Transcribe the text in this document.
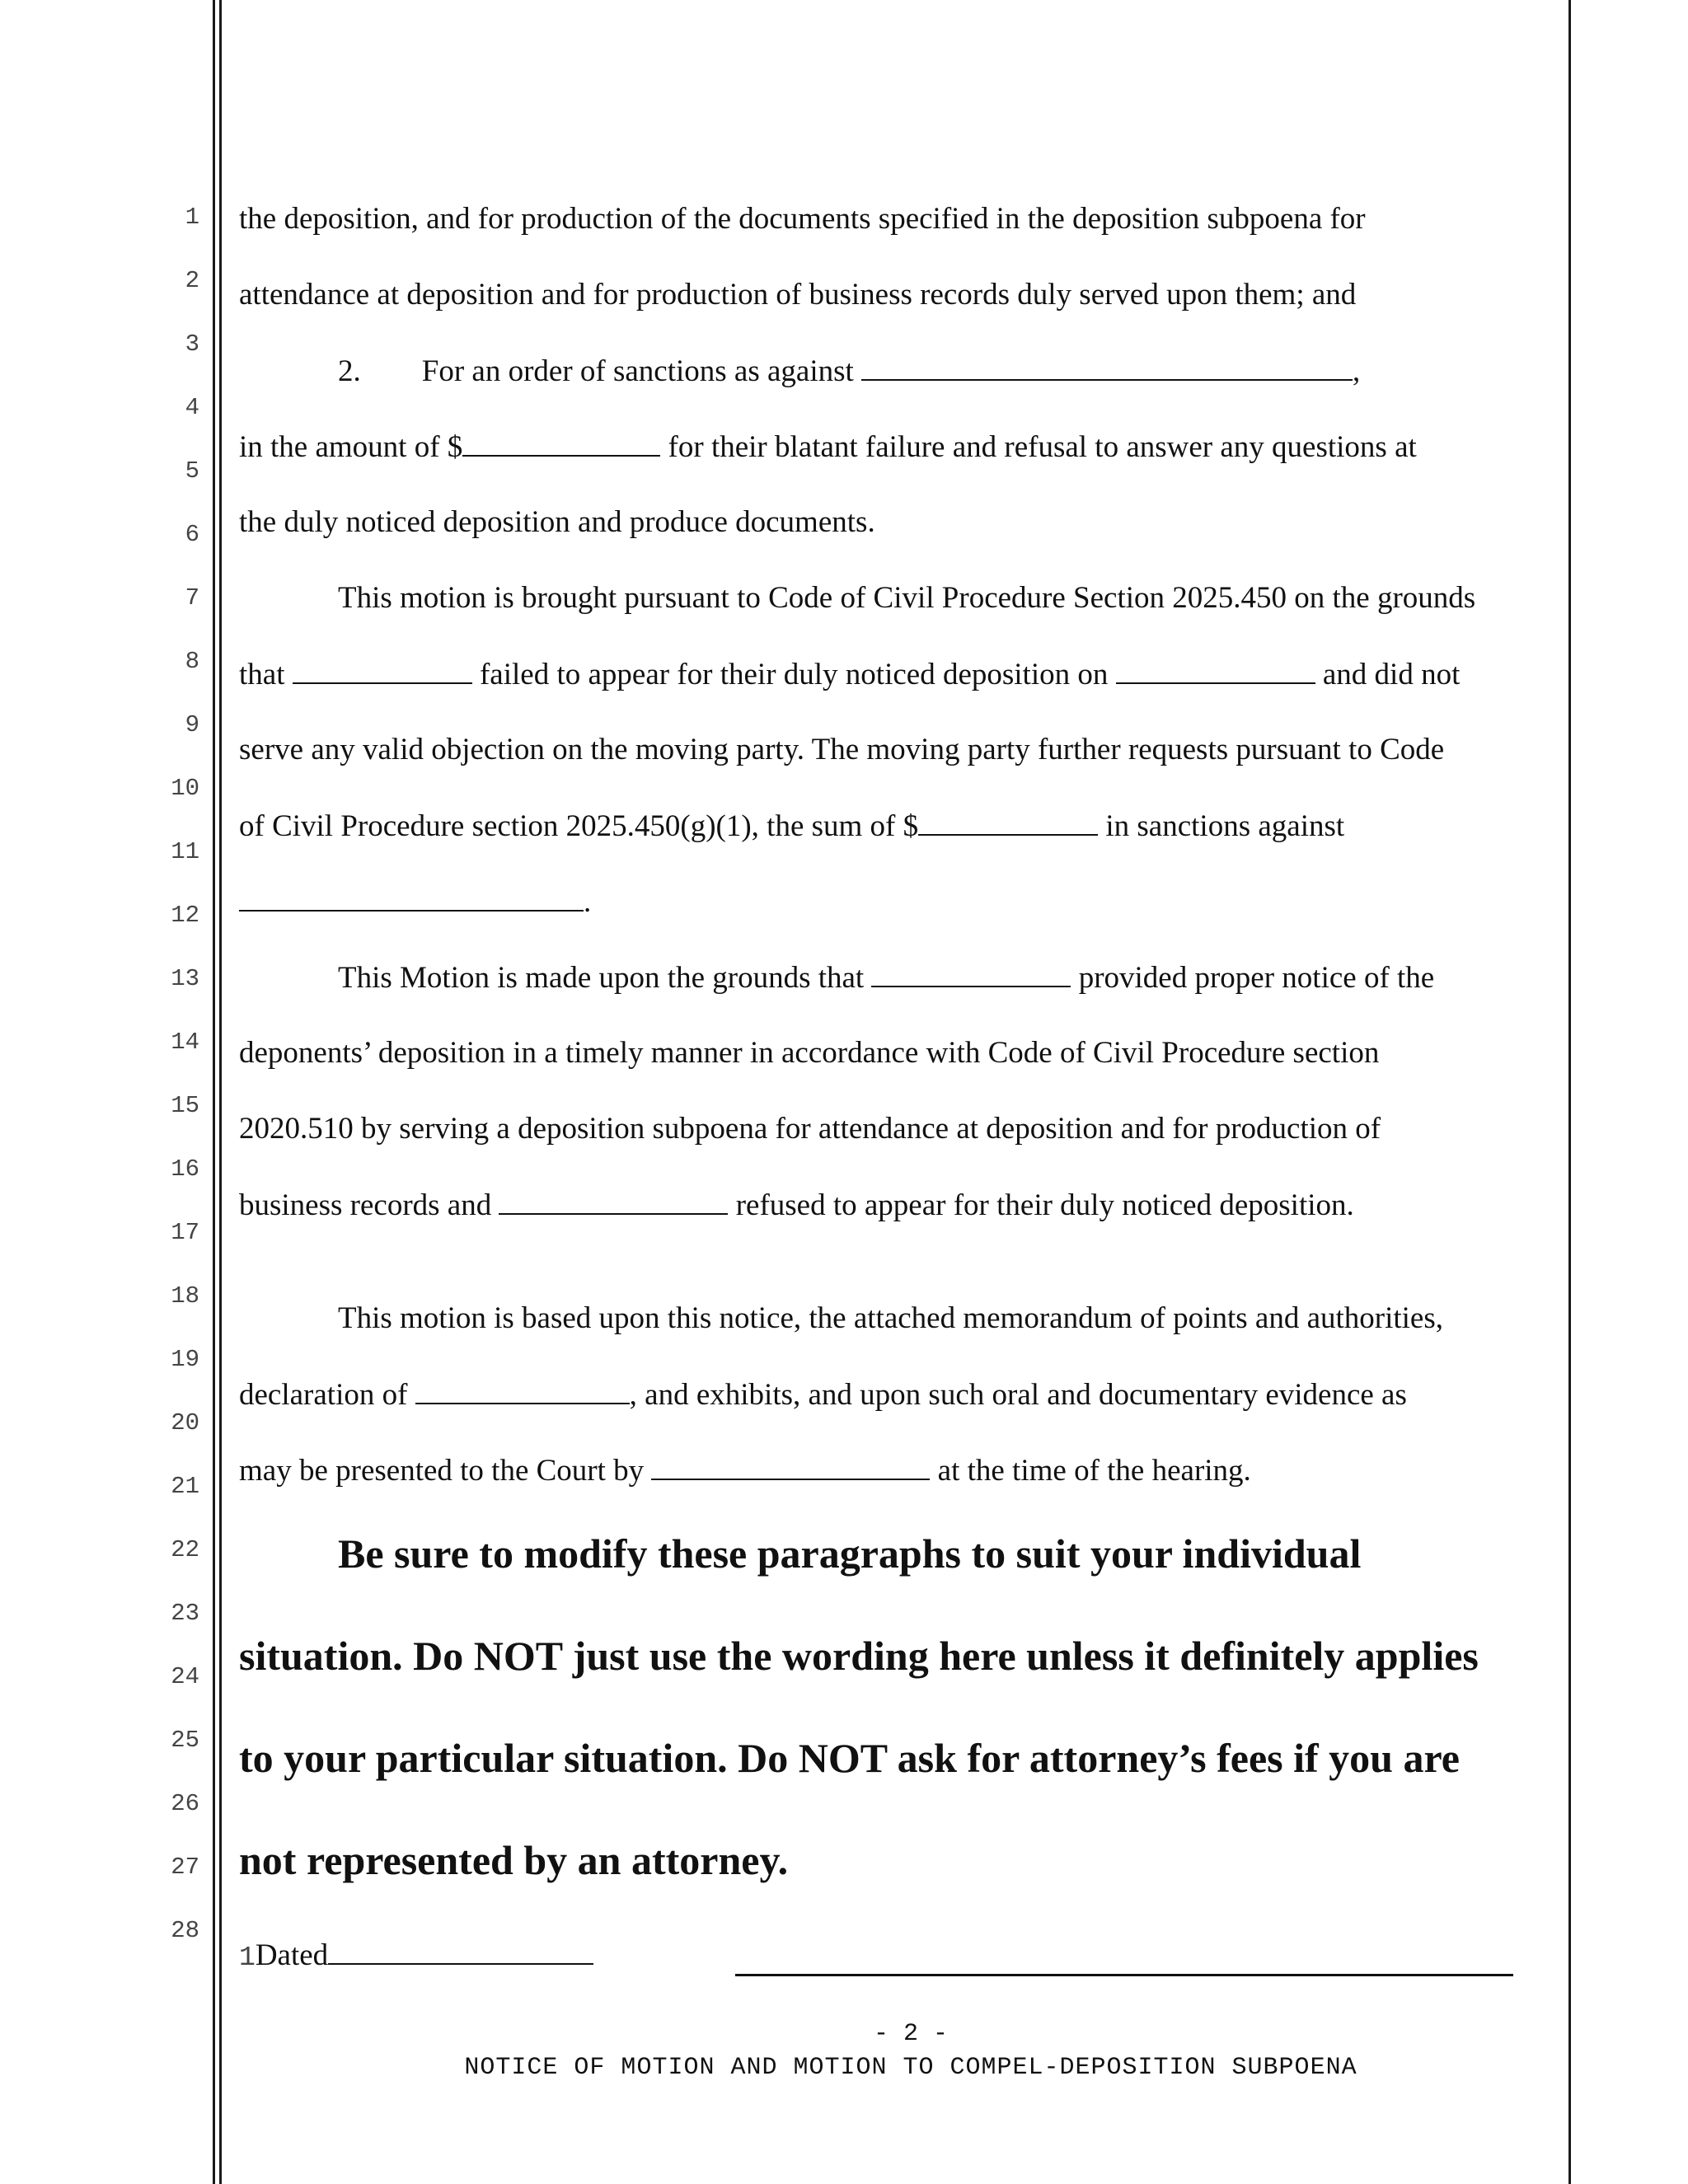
1
2
3
4
5
6
7
8
9
10
11
12
13
14
15
16
17
18
19
20
21
22
23
24
25
26
27
28
the deposition, and for production of the documents specified in the deposition subpoena for
attendance at deposition and for production of business records duly served upon them; and
2. For an order of sanctions as against	,
in the amount of $	for their blatant failure and refusal to answer any questions at
the duly noticed deposition and produce documents.
This motion is brought pursuant to Code of Civil Procedure Section 2025.450 on the grounds
that	failed to appear for their duly noticed deposition on	and did not
serve any valid objection on the moving party. The moving party further requests pursuant to Code
of Civil Procedure section 2025.450(g)(1), the sum of $	in sanctions against
.
This Motion is made upon the grounds that	provided proper notice of the
deponents’ deposition in a timely manner in accordance with Code of Civil Procedure section
2020.510 by serving a deposition subpoena for attendance at deposition and for production of
business records and	refused to appear for their duly noticed deposition.
This motion is based upon this notice, the attached memorandum of points and authorities,
declaration of	, and exhibits, and upon such oral and documentary evidence as
may be presented to the Court by	at the time of the hearing.
Be sure to modify these paragraphs to suit your individual
situation. Do NOT just use the wording here unless it definitely applies
to your particular situation. Do NOT ask for attorney’s fees if you are
not represented by an attorney.
1Dated
- 2 -
NOTICE OF MOTION AND MOTION TO COMPEL-DEPOSITION SUBPOENA
